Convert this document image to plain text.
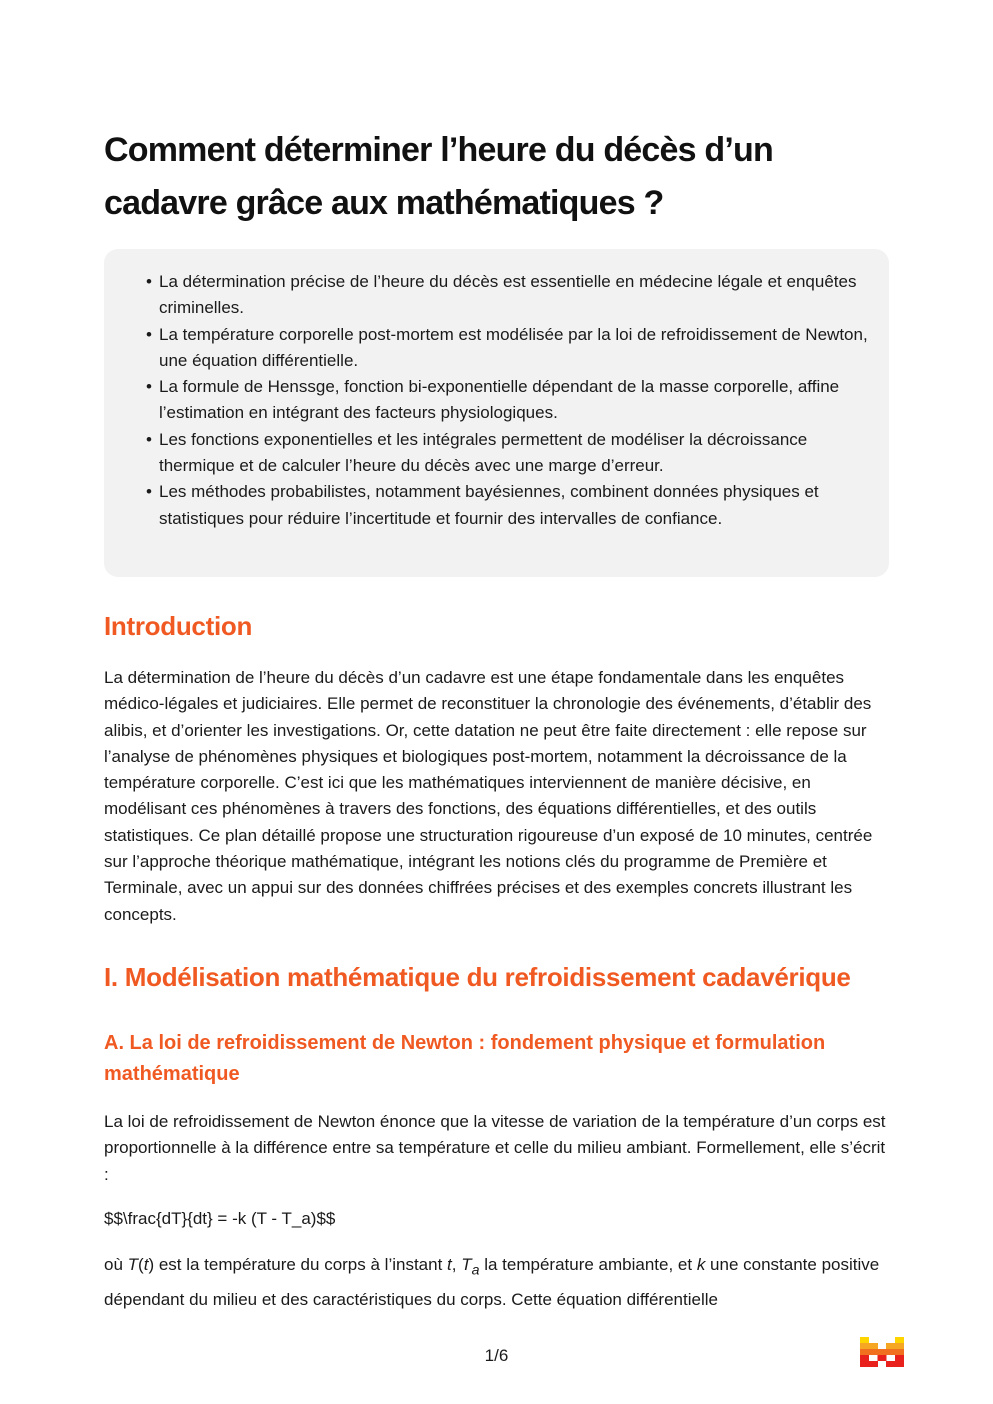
Comment déterminer l’heure du décès d’un cadavre grâce aux mathématiques ?
• La détermination précise de l’heure du décès est essentielle en médecine légale et enquêtes criminelles.
• La température corporelle post-mortem est modélisée par la loi de refroidissement de Newton, une équation différentielle.
• La formule de Henssge, fonction bi-exponentielle dépendant de la masse corporelle, affine l’estimation en intégrant des facteurs physiologiques.
• Les fonctions exponentielles et les intégrales permettent de modéliser la décroissance thermique et de calculer l’heure du décès avec une marge d’erreur.
• Les méthodes probabilistes, notamment bayésiennes, combinent données physiques et statistiques pour réduire l’incertitude et fournir des intervalles de confiance.
Introduction

La détermination de l’heure du décès d’un cadavre est une étape fondamentale dans les enquêtes médico-légales et judiciaires. Elle permet de reconstituer la chronologie des événements, d’établir des alibis, et d’orienter les investigations. Or, cette datation ne peut être faite directement : elle repose sur l’analyse de phénomènes physiques et biologiques post-mortem, notamment la décroissance de la température corporelle. C’est ici que les mathématiques interviennent de manière décisive, en modélisant ces phénomènes à travers des fonctions, des équations différentielles, et des outils statistiques. Ce plan détaillé propose une structuration rigoureuse d’un exposé de 10 minutes, centrée sur l’approche théorique mathématique, intégrant les notions clés du programme de Première et Terminale, avec un appui sur des données chiffrées précises et des exemples concrets illustrant les concepts.

I. Modélisation mathématique du refroidissement cadavérique
A. La loi de refroidissement de Newton : fondement physique et formulation mathématique

La loi de refroidissement de Newton énonce que la vitesse de variation de la température d’un corps est proportionnelle à la différence entre sa température et celle du milieu ambiant. Formellement, elle s’écrit :

$$\frac{dT}{dt} = -k (T - T_a)$$

où T(t) est la température du corps à l’instant t, $T_a$ la température ambiante, et k une constante positive dépendant du milieu et des caractéristiques du corps. Cette équation différentielle

1/6
